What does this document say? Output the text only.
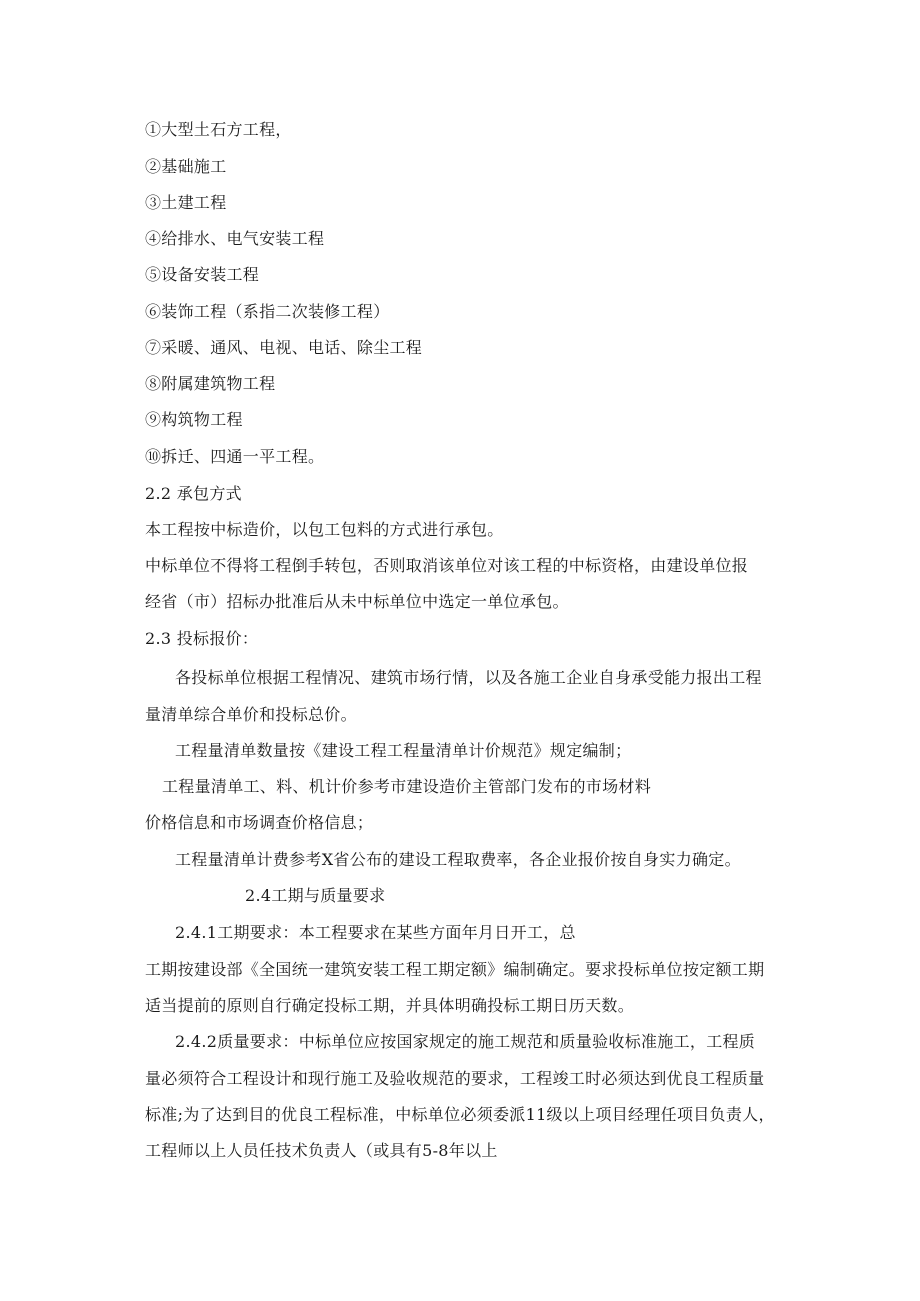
①大型土石方工程，
②基础施工
③土建工程
④给排水、电气安装工程
⑤设备安装工程
⑥装饰工程（系指二次装修工程）
⑦采暖、通风、电视、电话、除尘工程
⑧附属建筑物工程
⑨构筑物工程
⑩拆迁、四通一平工程。
2.2 承包方式
本工程按中标造价，以包工包料的方式进行承包。
中标单位不得将工程倒手转包，否则取消该单位对该工程的中标资格，由建设单位报
经省（市）招标办批准后从未中标单位中选定一单位承包。
2.3 投标报价：
各投标单位根据工程情况、建筑市场行情，以及各施工企业自身承受能力报出工程
量清单综合单价和投标总价。
工程量清单数量按《建设工程工程量清单计价规范》规定编制；
工程量清单工、料、机计价参考市建设造价主管部门发布的市场材料
价格信息和市场调查价格信息；
工程量清单计费参考X省公布的建设工程取费率，各企业报价按自身实力确定。
2.4工期与质量要求
2.4.1工期要求：本工程要求在某些方面年月日开工，总
工期按建设部《全国统一建筑安装工程工期定额》编制确定。要求投标单位按定额工期
适当提前的原则自行确定投标工期，并具体明确投标工期日历天数。
2.4.2质量要求：中标单位应按国家规定的施工规范和质量验收标准施工，工程质
量必须符合工程设计和现行施工及验收规范的要求，工程竣工时必须达到优良工程质量
标准;为了达到目的优良工程标准，中标单位必须委派11级以上项目经理任项目负责人，
工程师以上人员任技术负责人（或具有5-8年以上
